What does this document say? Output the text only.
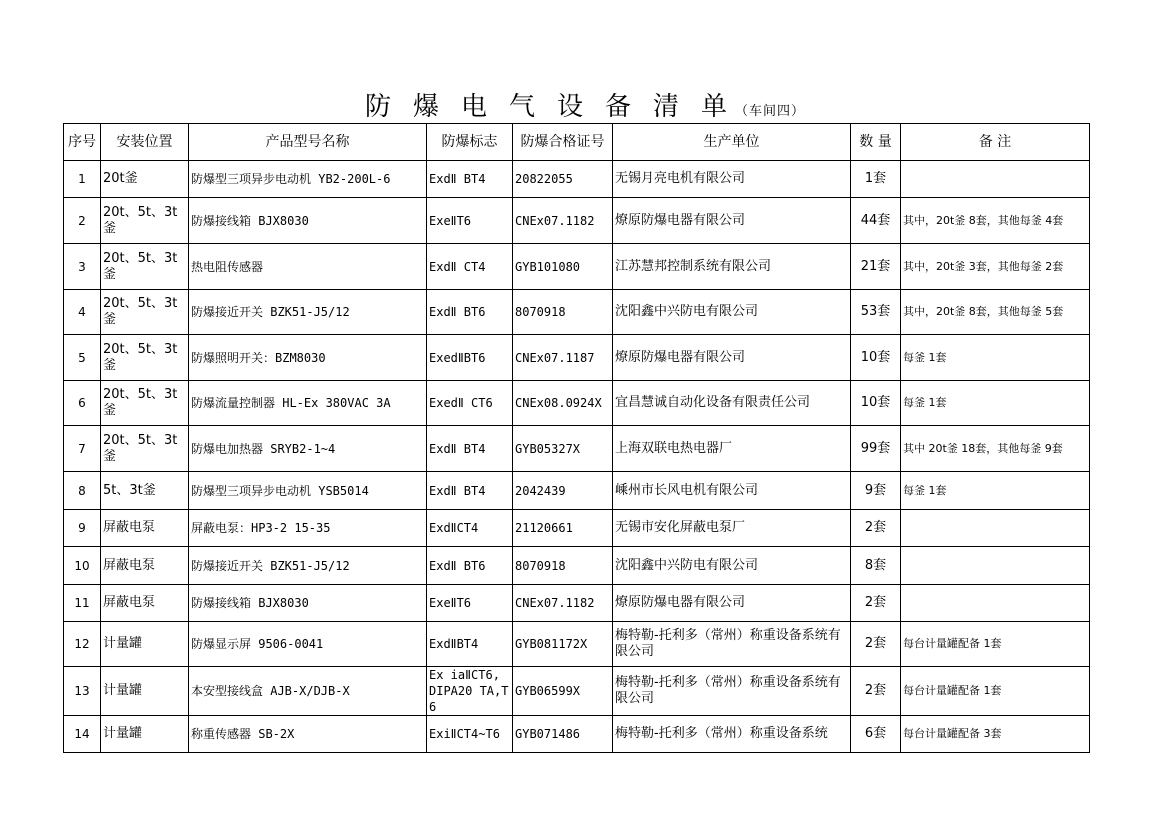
防爆电气设备清单（车间四）
序号	安装位置	产品型号名称	防爆标志	防爆合格证号	生产单位	数 量	备 注
1	20t釜	防爆型三项异步电动机 YB2-200L-6	ExdⅡ BT4	20822055	无锡月亮电机有限公司	1套	
2	20t、5t、3t釜	防爆接线箱 BJX8030	ExeⅡT6	CNEx07.1182	燎原防爆电器有限公司	44套	其中，20t釜 8套，其他每釜 4套
3	20t、5t、3t釜	热电阻传感器	ExdⅡ CT4	GYB101080	江苏慧邦控制系统有限公司	21套	其中，20t釜 3套，其他每釜 2套
4	20t、5t、3t釜	防爆接近开关 BZK51-J5/12	ExdⅡ BT6	8070918	沈阳鑫中兴防电有限公司	53套	其中，20t釜 8套，其他每釜 5套
5	20t、5t、3t釜	防爆照明开关：BZM8030	ExedⅡBT6	CNEx07.1187	燎原防爆电器有限公司	10套	每釜 1套
6	20t、5t、3t釜	防爆流量控制器 HL-Ex 380VAC 3A	ExedⅡ CT6	CNEx08.0924X	宜昌慧诚自动化设备有限责任公司	10套	每釜 1套
7	20t、5t、3t釜	防爆电加热器 SRYB2-1~4	ExdⅡ BT4	GYB05327X	上海双联电热电器厂	99套	其中 20t釜 18套，其他每釜 9套
8	5t、3t釜	防爆型三项异步电动机 YSB5014	ExdⅡ BT4	2042439	嵊州市长风电机有限公司	9套	每釜 1套
9	屏蔽电泵	屏蔽电泵：HP3-2 15-35	ExdⅡCT4	21120661	无锡市安化屏蔽电泵厂	2套	
10	屏蔽电泵	防爆接近开关 BZK51-J5/12	ExdⅡ BT6	8070918	沈阳鑫中兴防电有限公司	8套	
11	屏蔽电泵	防爆接线箱 BJX8030	ExeⅡT6	CNEx07.1182	燎原防爆电器有限公司	2套	
12	计量罐	防爆显示屏 9506-0041	ExdⅡBT4	GYB081172X	梅特勒-托利多（常州）称重设备系统有限公司	2套	每台计量罐配备 1套
13	计量罐	本安型接线盒 AJB-X/DJB-X	Ex iaⅡCT6, DIPA20 TA,T6	GYB06599X	梅特勒-托利多（常州）称重设备系统有限公司	2套	每台计量罐配备 1套
14	计量罐	称重传感器 SB-2X	ExiⅡCT4~T6	GYB071486	梅特勒-托利多（常州）称重设备系统	6套	每台计量罐配备 3套
